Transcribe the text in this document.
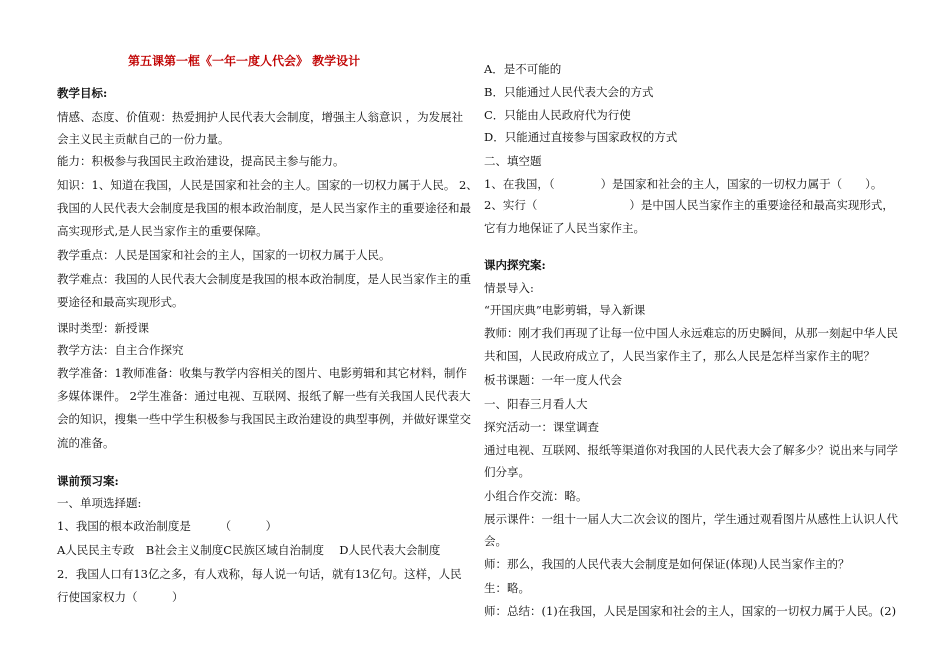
第五课第一框《一年一度人代会》 教学设计
教学目标:
情感、态度、价值观：热爱拥护人民代表大会制度，增强主人翁意识 ，为发展社
会主义民主贡献自己的一份力量。
能力：积极参与我国民主政治建设，提高民主参与能力。
知识：1、知道在我国，人民是国家和社会的主人。国家的一切权力属于人民。 2、
我国的人民代表大会制度是我国的根本政治制度，是人民当家作主的重要途径和最
高实现形式,是人民当家作主的重要保障。
教学重点：人民是国家和社会的主人，国家的一切权力属于人民。
教学难点：我国的人民代表大会制度是我国的根本政治制度，是人民当家作主的重
要途径和最高实现形式。
课时类型：新授课
教学方法：自主合作探究
教学准备：1教师准备：收集与教学内容相关的图片、电影剪辑和其它材料，制作
多媒体课件。 2学生准备：通过电视、互联网、报纸了解一些有关我国人民代表大
会的知识，搜集一些中学生积极参与我国民主政治建设的典型事例，并做好课堂交
流的准备。
课前预习案:
一、单项选择题:
1、我国的根本政治制度是　　　（　　　）
A人民民主专政　B社会主义制度C民族区域自治制度　 D人民代表大会制度
2．我国人口有13亿之多，有人戏称，每人说一句话，就有13亿句。这样，人民
行使国家权力（　　　）
A．是不可能的
B．只能通过人民代表大会的方式
C．只能由人民政府代为行使
D．只能通过直接参与国家政权的方式
二、填空题
1、在我国，（　　　　）是国家和社会的主人，国家的一切权力属于（　　）。
2、实行（　　　　　　　　）是中国人民当家作主的重要途径和最高实现形式，
它有力地保证了人民当家作主。
课内探究案:
情景导入:
“开国庆典”电影剪辑，导入新课
教师：刚才我们再现了让每一位中国人永远难忘的历史瞬间，从那一刻起中华人民
共和国，人民政府成立了，人民当家作主了，那么人民是怎样当家作主的呢？
板书课题：一年一度人代会
一、阳春三月看人大
探究活动一：课堂调查
通过电视、互联网、报纸等渠道你对我国的人民代表大会了解多少？说出来与同学
们分享。
小组合作交流：略。
展示课件：一组十一届人大二次会议的图片，学生通过观看图片从感性上认识人代
会。
师：那么，我国的人民代表大会制度是如何保证(体现)人民当家作主的？
生：略。
师：总结：(1)在我国，人民是国家和社会的主人，国家的一切权力属于人民。(2)
